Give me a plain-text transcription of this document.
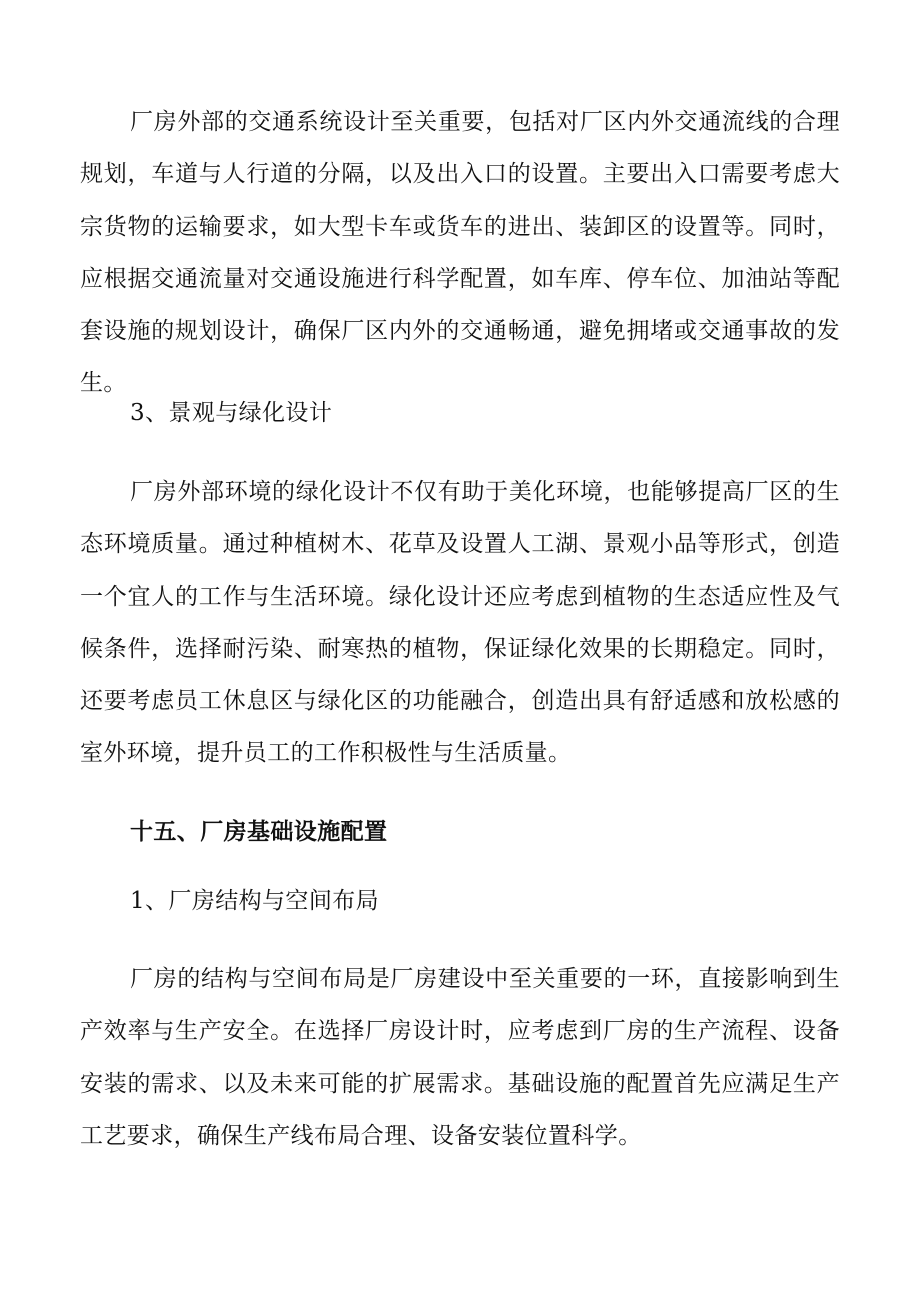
厂房外部的交通系统设计至关重要，包括对厂区内外交通流线的合理规划，车道与人行道的分隔，以及出入口的设置。主要出入口需要考虑大宗货物的运输要求，如大型卡车或货车的进出、装卸区的设置等。同时，应根据交通流量对交通设施进行科学配置，如车库、停车位、加油站等配套设施的规划设计，确保厂区内外的交通畅通，避免拥堵或交通事故的发生。

3、景观与绿化设计

厂房外部环境的绿化设计不仅有助于美化环境，也能够提高厂区的生态环境质量。通过种植树木、花草及设置人工湖、景观小品等形式，创造一个宜人的工作与生活环境。绿化设计还应考虑到植物的生态适应性及气候条件，选择耐污染、耐寒热的植物，保证绿化效果的长期稳定。同时，还要考虑员工休息区与绿化区的功能融合，创造出具有舒适感和放松感的室外环境，提升员工的工作积极性与生活质量。

十五、厂房基础设施配置

1、厂房结构与空间布局

厂房的结构与空间布局是厂房建设中至关重要的一环，直接影响到生产效率与生产安全。在选择厂房设计时，应考虑到厂房的生产流程、设备安装的需求、以及未来可能的扩展需求。基础设施的配置首先应满足生产工艺要求，确保生产线布局合理、设备安装位置科学。
